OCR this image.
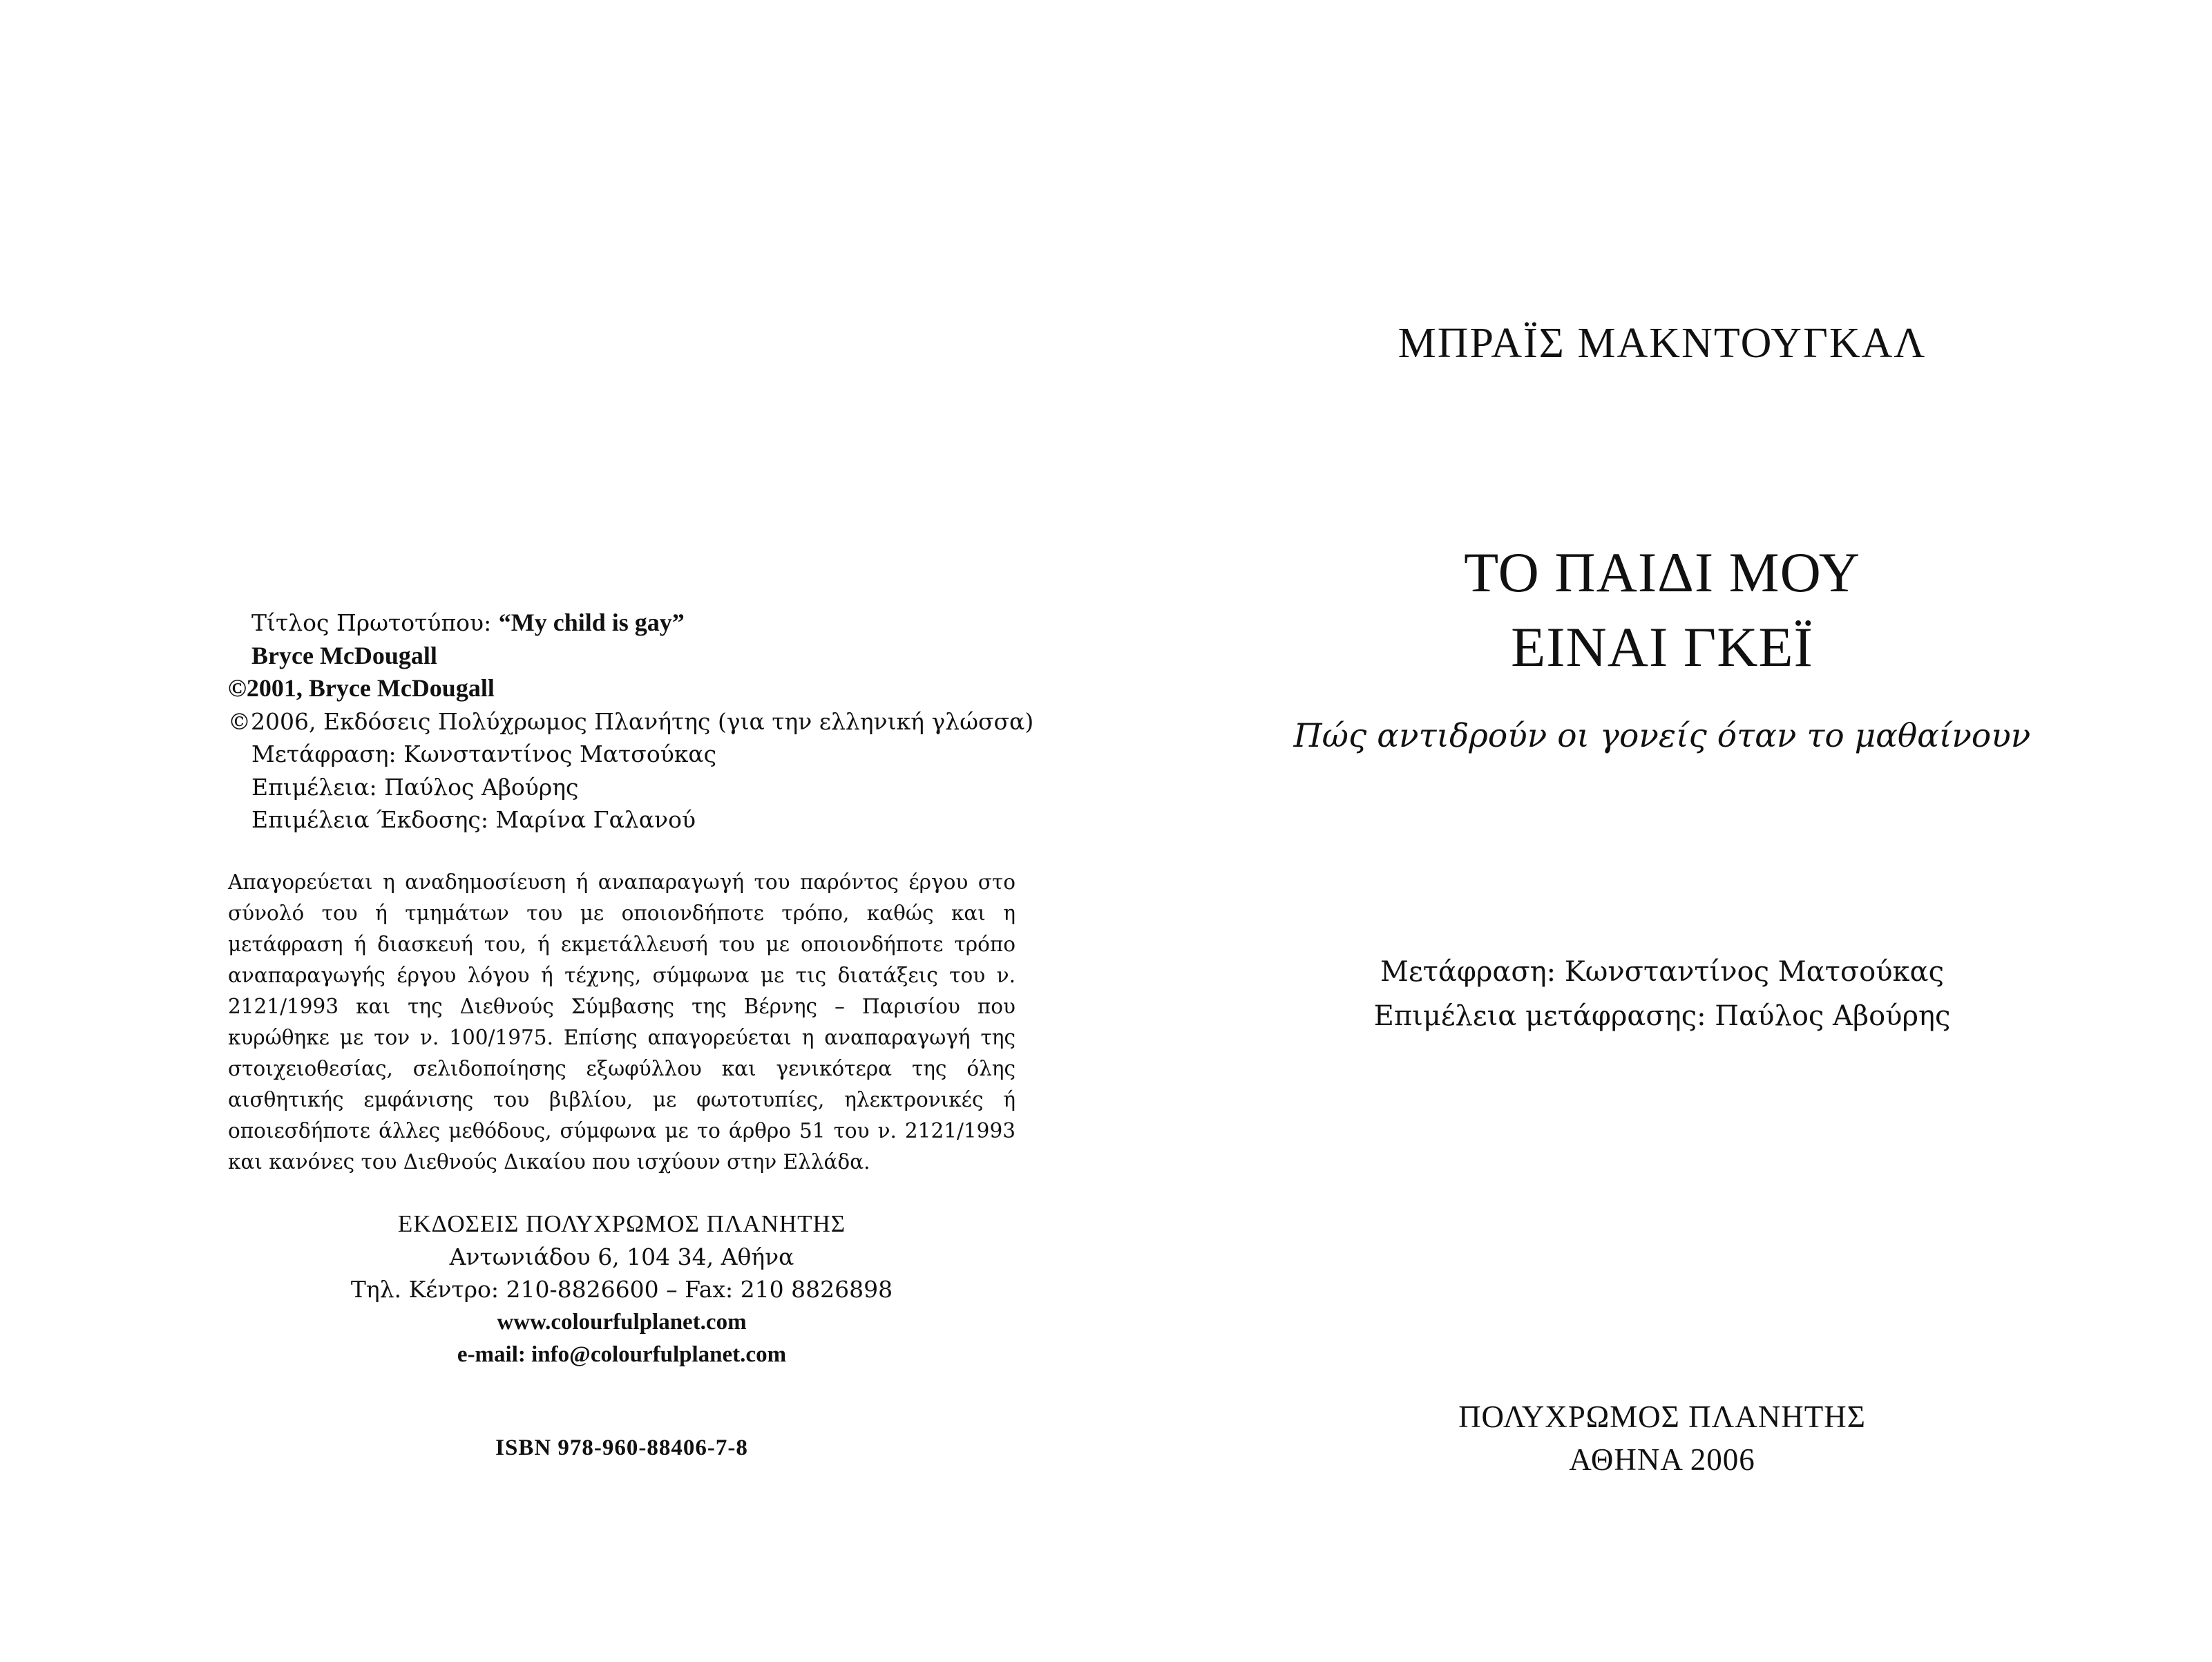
Τίτλος Πρωτοτύπου: “My child is gay”
Bryce McDougall
©2001, Bryce McDougall
©2006, Εκδόσεις Πολύχρωμος Πλανήτης (για την ελληνική γλώσσα)
Μετάφραση: Κωνσταντίνος Ματσούκας
Επιμέλεια: Παύλος Αβούρης
Επιμέλεια Έκδοσης: Μαρίνα Γαλανού
Απαγορεύεται η αναδημοσίευση ή αναπαραγωγή του παρόντος έργου στο σύνολό του ή τμημάτων του με οποιονδήποτε τρόπο, καθώς και η μετάφραση ή διασκευή του, ή εκμετάλλευσή του με οποιονδήποτε τρόπο αναπαραγωγής έργου λόγου ή τέχνης, σύμφωνα με τις διατάξεις του ν. 2121/1993 και της Διεθνούς Σύμβασης της Βέρνης – Παρισίου που κυρώθηκε με τον ν. 100/1975. Επίσης απαγορεύεται η αναπαραγωγή της στοιχειοθεσίας, σελιδοποίησης εξωφύλλου και γενικότερα της όλης αισθητικής εμφάνισης του βιβλίου, με φωτοτυπίες, ηλεκτρονικές ή οποιεσδήποτε άλλες μεθόδους, σύμφωνα με το άρθρο 51 του ν. 2121/1993 και κανόνες του Διεθνούς Δικαίου που ισχύουν στην Ελλάδα.
ΕΚΔΟΣΕΙΣ ΠΟΛΥΧΡΩΜΟΣ ΠΛΑΝΗΤΗΣ
Αντωνιάδου 6, 104 34, Αθήνα
Τηλ. Κέντρο: 210-8826600 – Fax: 210 8826898
www.colourfulplanet.com
e-mail: info@colourfulplanet.com
ISBN 978-960-88406-7-8
ΜΠΡΑΪΣ ΜΑΚΝΤΟΥΓΚΑΛ
ΤΟ ΠΑΙΔΙ ΜΟΥ
ΕΙΝΑΙ ΓΚΕΪ
Πώς αντιδρούν οι γονείς όταν το μαθαίνουν
Μετάφραση: Κωνσταντίνος Ματσούκας
Επιμέλεια μετάφρασης: Παύλος Αβούρης
ΠΟΛΥΧΡΩΜΟΣ ΠΛΑΝΗΤΗΣ
ΑΘΗΝΑ 2006
